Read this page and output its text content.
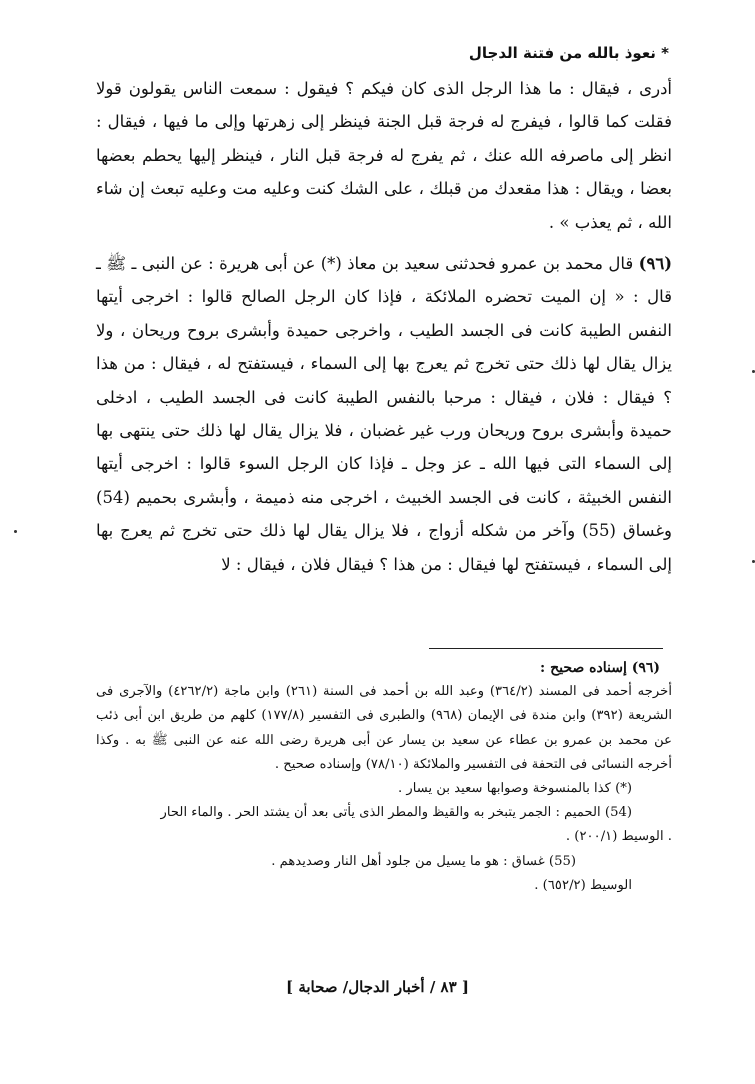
* نعوذ بالله من فتنة الدجال

أدرى ، فيقال : ما هذا الرجل الذى كان فيكم ؟ فيقول : سمعت الناس يقولون قولا فقلت كما قالوا ، فيفرج له فرجة قبل الجنة فينظر إلى زهرتها وإلى ما فيها ، فيقال : انظر إلى ماصرفه الله عنك ، ثم يفرج له فرجة قبل النار ، فينظر إليها يحطم بعضها بعضا ، ويقال : هذا مقعدك من قبلك ، على الشك كنت وعليه مت وعليه تبعث إن شاء الله ، ثم يعذب » .

(٩٦) قال محمد بن عمرو فحدثنى سعيد بن معاذ (*) عن أبى هريرة : عن النبى ـ ﷺ ـ قال : « إن الميت تحضره الملائكة ، فإذا كان الرجل الصالح قالوا : اخرجى أيتها النفس الطيبة كانت فى الجسد الطيب ، واخرجى حميدة وأبشرى بروح وريحان ، ولا يزال يقال لها ذلك حتى تخرج ثم يعرج بها إلى السماء ، فيستفتح له ، فيقال : من هذا ؟ فيقال : فلان ، فيقال : مرحبا بالنفس الطيبة كانت فى الجسد الطيب ، ادخلى حميدة وأبشرى بروح وريحان ورب غير غضبان ، فلا يزال يقال لها ذلك حتى ينتهى بها إلى السماء التى فيها الله ـ عز وجل ـ فإذا كان الرجل السوء قالوا : اخرجى أيتها النفس الخبيثة ، كانت فى الجسد الخبيث ، اخرجى منه ذميمة ، وأبشرى بحميم (54) وغساق (55) وآخر من شكله أزواج ، فلا يزال يقال لها ذلك حتى تخرج ثم يعرج بها إلى السماء ، فيستفتح لها فيقال : من هذا ؟ فيقال فلان ، فيقال : لا

(٩٦) إسناده صحيح :

أخرجه أحمد فى المسند (٣٦٤/٢) وعبد الله بن أحمد فى السنة (٢٦١) وابن ماجة (٤٢٦٢/٢) والآجرى فى الشريعة (٣٩٢) وابن مندة فى الإيمان (٩٦٨) والطبرى فى التفسير (١٧٧/٨) كلهم من طريق ابن أبى ذئب عن محمد بن عمرو بن عطاء عن سعيد بن يسار عن أبى هريرة رضى الله عنه عن النبى ﷺ به . وكذا أخرجه النسائى فى التحفة فى التفسير والملائكة (٧٨/١٠) وإسناده صحيح .

(*) كذا بالمنسوخة وصوابها سعيد بن يسار .

(54) الحميم : الجمر يتبخر به والقيظ والمطر الذى يأتى بعد أن يشتد الحر . والماء الحار

. الوسيط (٢٠٠/١) .

(55) غساق : هو ما يسيل من جلود أهل النار وصديدهم .

الوسيط (٦٥٢/٢) .

[ ٨٣ / أخبار الدجال/ صحابة ]
